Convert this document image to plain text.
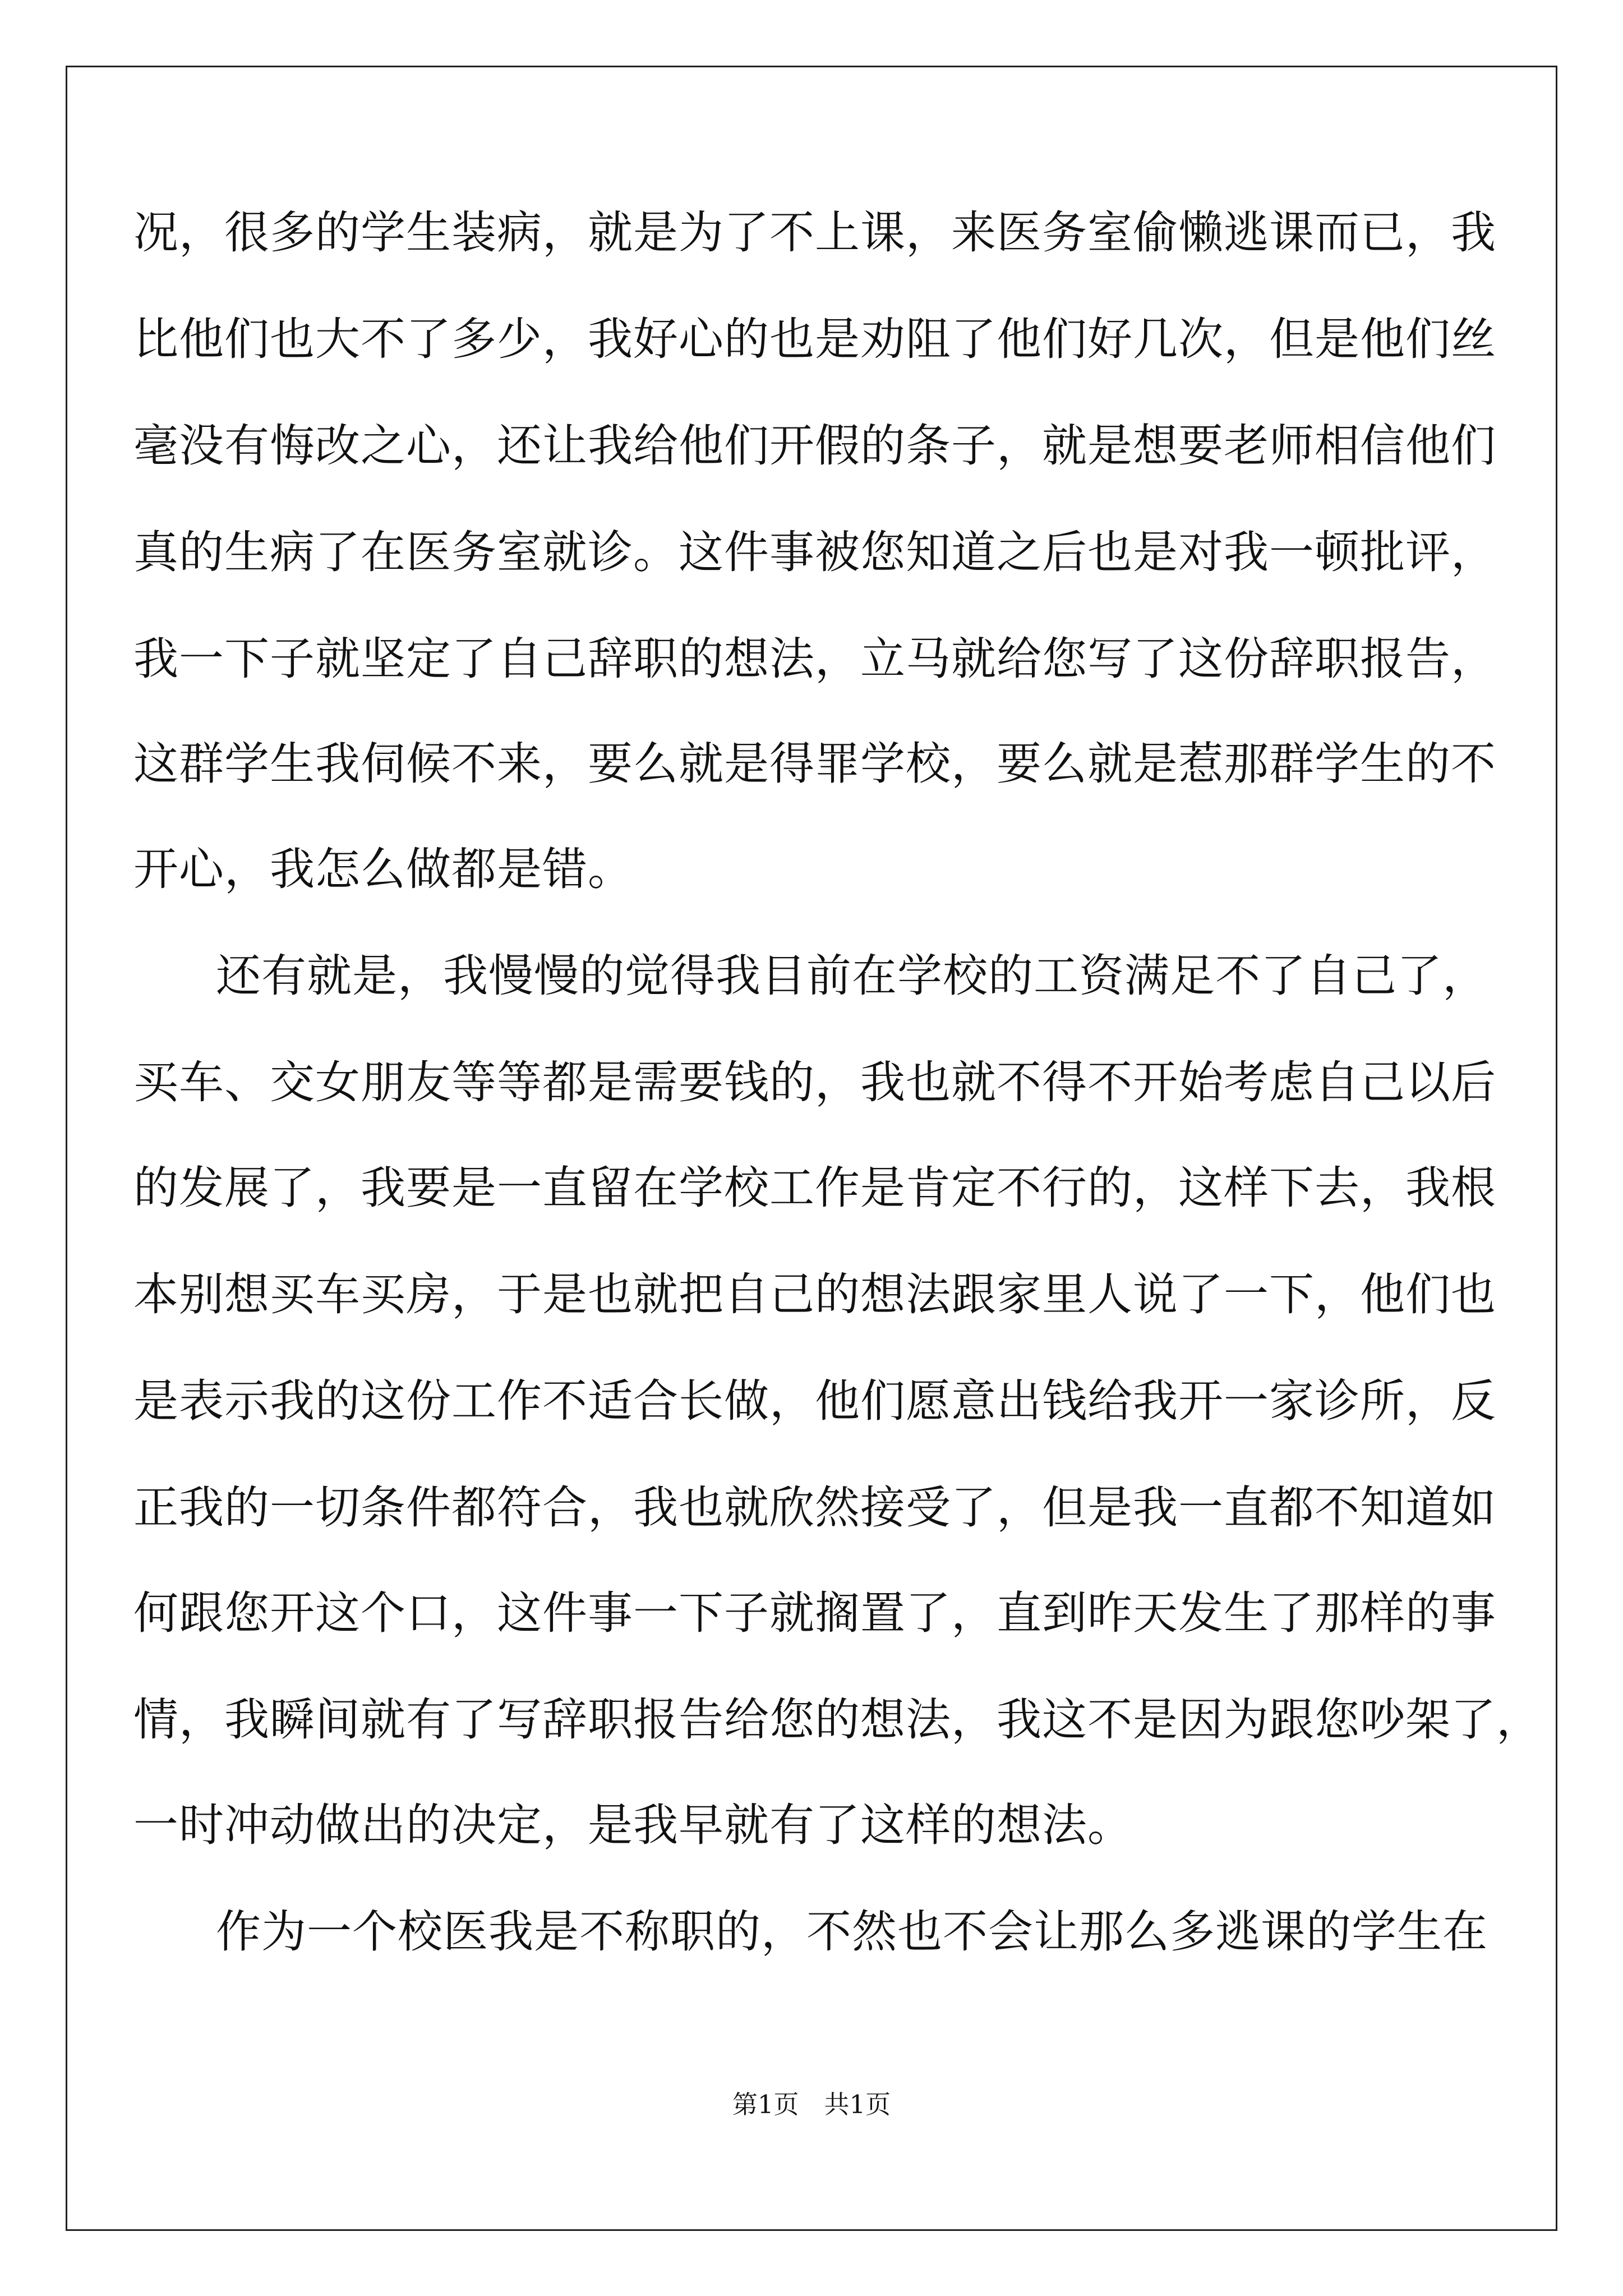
况，很多的学生装病，就是为了不上课，来医务室偷懒逃课而已，我
比他们也大不了多少，我好心的也是劝阻了他们好几次，但是他们丝
毫没有悔改之心，还让我给他们开假的条子，就是想要老师相信他们
真的生病了在医务室就诊。这件事被您知道之后也是对我一顿批评，
我一下子就坚定了自己辞职的想法，立马就给您写了这份辞职报告，
这群学生我伺候不来，要么就是得罪学校，要么就是惹那群学生的不
开心，我怎么做都是错。
还有就是，我慢慢的觉得我目前在学校的工资满足不了自己了，
买车、交女朋友等等都是需要钱的，我也就不得不开始考虑自己以后
的发展了，我要是一直留在学校工作是肯定不行的，这样下去，我根
本别想买车买房，于是也就把自己的想法跟家里人说了一下，他们也
是表示我的这份工作不适合长做，他们愿意出钱给我开一家诊所，反
正我的一切条件都符合，我也就欣然接受了，但是我一直都不知道如
何跟您开这个口，这件事一下子就搁置了，直到昨天发生了那样的事
情，我瞬间就有了写辞职报告给您的想法，我这不是因为跟您吵架了，
一时冲动做出的决定，是我早就有了这样的想法。
作为一个校医我是不称职的，不然也不会让那么多逃课的学生在
第1页　共1页
